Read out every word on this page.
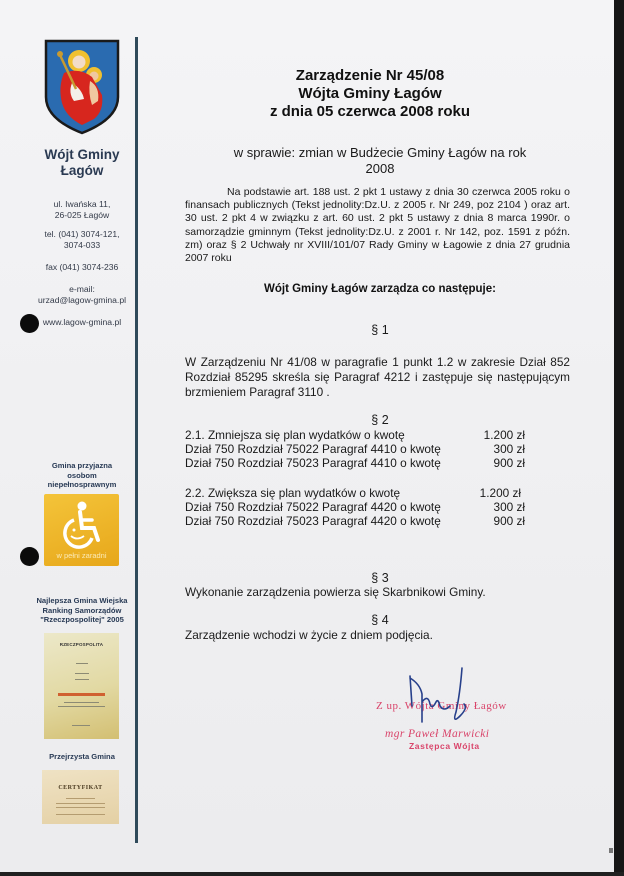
Wójt Gminy
Łagów
ul. Iwańska 11,
26-025 Łagów
tel. (041) 3074-121,
3074-033
fax (041) 3074-236
e-mail:
urzad@lagow-gmina.pl
www.lagow-gmina.pl
Gmina przyjazna
osobom
niepełnosprawnym
w pełni zaradni
Najlepsza Gmina Wiejska
Ranking Samorządów
"Rzeczpospolitej" 2005
RZECZPOSPOLITA
Przejrzysta Gmina
CERTYFIKAT
Zarządzenie Nr 45/08
Wójta Gminy Łagów
z dnia 05 czerwca 2008 roku
w sprawie: zmian w Budżecie Gminy Łagów na rok
2008
Na podstawie art. 188 ust. 2 pkt 1 ustawy z dnia 30 czerwca 2005 roku o finansach publicznych (Tekst jednolity:Dz.U. z 2005 r. Nr 249, poz 2104 ) oraz art. 30 ust. 2 pkt 4 w związku z art. 60 ust. 2 pkt 5 ustawy z dnia 8 marca 1990r. o samorządzie gminnym (Tekst jednolity:Dz.U. z 2001 r. Nr 142, poz. 1591 z późn. zm) oraz § 2 Uchwały nr XVIII/101/07 Rady Gminy w Łagowie z dnia 27 grudnia 2007 roku
Wójt Gminy Łagów zarządza co następuje:
§ 1
W Zarządzeniu Nr 41/08 w paragrafie 1 punkt 1.2 w zakresie Dział 852 Rozdział 85295 skreśla się Paragraf 4212 i zastępuje się następującym brzmieniem Paragraf 3110 .
§ 2
2.1. Zmniejsza się plan wydatków o kwotę	1.200 zł
Dział 750 Rozdział 75022 Paragraf 4410 o kwotę	300 zł
Dział 750 Rozdział 75023 Paragraf 4410 o kwotę	900 zł
2.2. Zwiększa się plan wydatków o kwotę	1.200 zł
Dział 750 Rozdział 75022 Paragraf 4420 o kwotę	300 zł
Dział 750 Rozdział 75023 Paragraf 4420 o kwotę	900 zł
§ 3
Wykonanie zarządzenia powierza się Skarbnikowi Gminy.
§ 4
Zarządzenie wchodzi w życie z dniem podjęcia.
Z up. Wójta Gminy Łagów
mgr Paweł Marwicki
Zastępca Wójta
